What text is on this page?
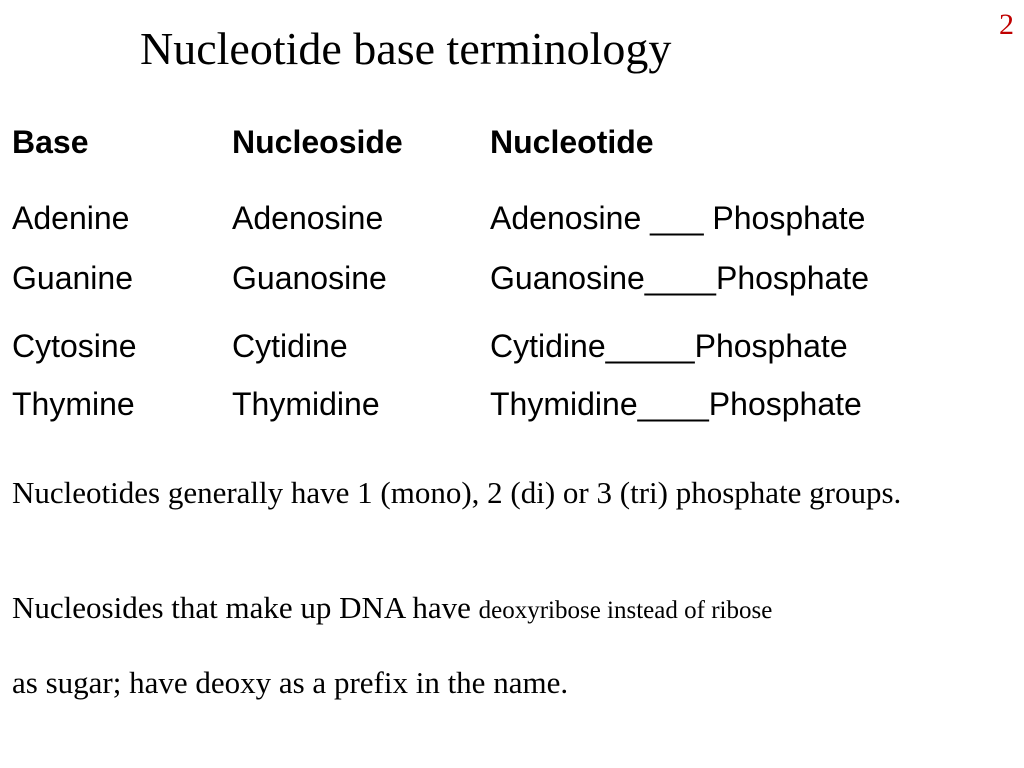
2
Nucleotide base terminology
Base	Nucleoside	Nucleotide
Adenine	Adenosine	Adenosine ___ Phosphate
Guanine	Guanosine	Guanosine____Phosphate
Cytosine	Cytidine	Cytidine_____Phosphate
Thymine	Thymidine	Thymidine____Phosphate

Nucleotides generally have 1 (mono), 2 (di) or 3 (tri) phosphate groups.

Nucleosides that make up DNA have deoxyribose instead of ribose
as sugar; have deoxy as a prefix in the name.
